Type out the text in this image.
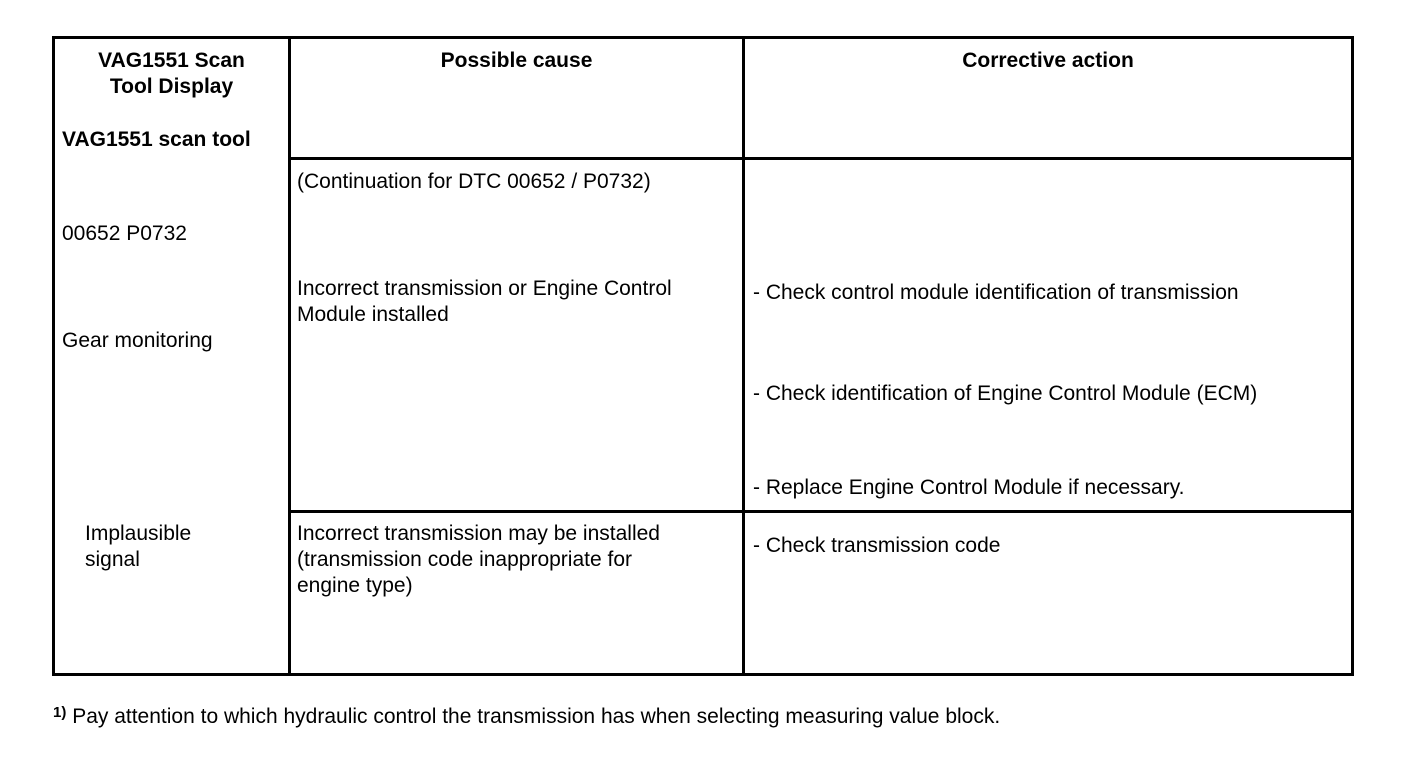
VAG1551 Scan
Tool Display
VAG1551 scan tool
Possible cause	Corrective action
00652 P0732
Gear monitoring
Implausible
signal
(Continuation for DTC 00652 / P0732)
Incorrect transmission or Engine Control
Module installed
- Check control module identification of transmission
- Check identification of Engine Control Module (ECM)
- Replace Engine Control Module if necessary.
Incorrect transmission may be installed
(transmission code inappropriate for
engine type)
- Check transmission code
$^{1)}$ Pay attention to which hydraulic control the transmission has when selecting measuring value block.
